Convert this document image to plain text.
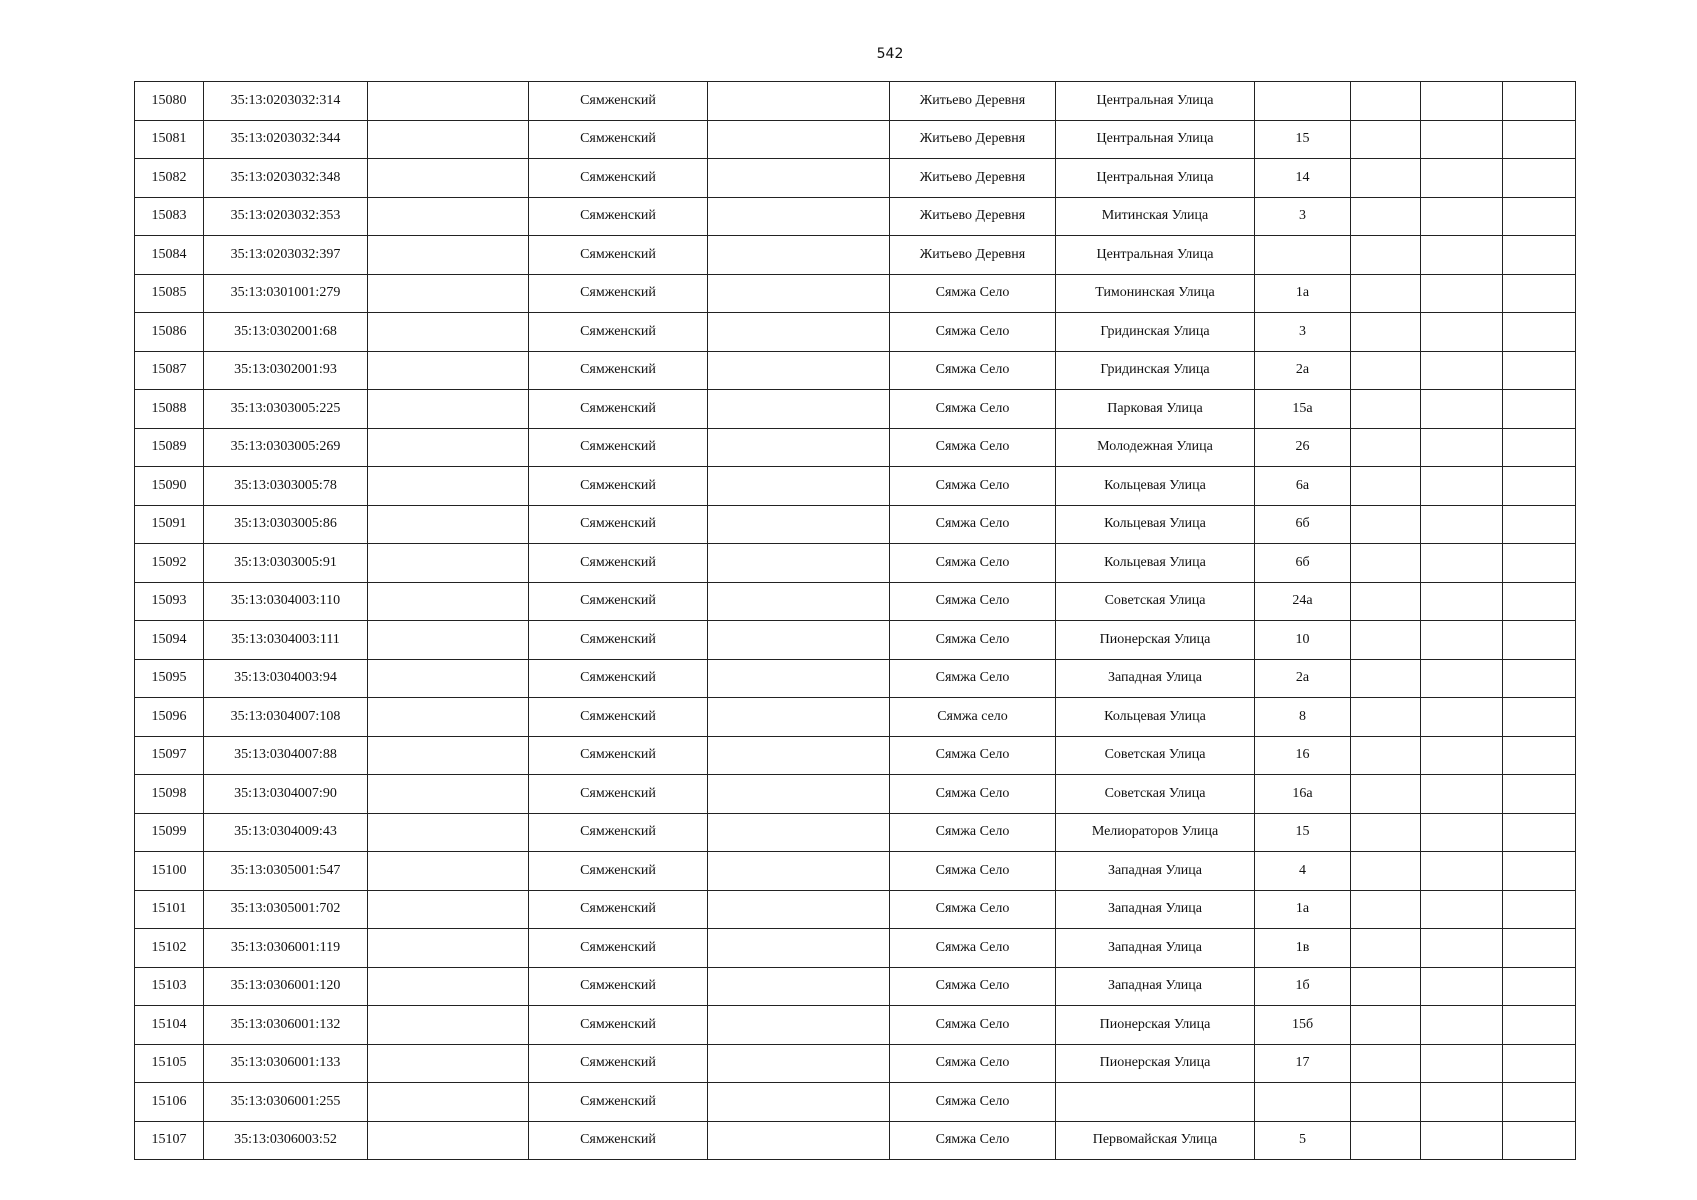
542
15080	35:13:0203032:314		Сямженский		Житьево Деревня	Центральная Улица				
15081	35:13:0203032:344		Сямженский		Житьево Деревня	Центральная Улица	15			
15082	35:13:0203032:348		Сямженский		Житьево Деревня	Центральная Улица	14			
15083	35:13:0203032:353		Сямженский		Житьево Деревня	Митинская Улица	3			
15084	35:13:0203032:397		Сямженский		Житьево Деревня	Центральная Улица				
15085	35:13:0301001:279		Сямженский		Сямжа Село	Тимонинская Улица	1а			
15086	35:13:0302001:68		Сямженский		Сямжа Село	Гридинская Улица	3			
15087	35:13:0302001:93		Сямженский		Сямжа Село	Гридинская Улица	2а			
15088	35:13:0303005:225		Сямженский		Сямжа Село	Парковая Улица	15а			
15089	35:13:0303005:269		Сямженский		Сямжа Село	Молодежная Улица	26			
15090	35:13:0303005:78		Сямженский		Сямжа Село	Кольцевая Улица	6а			
15091	35:13:0303005:86		Сямженский		Сямжа Село	Кольцевая Улица	6б			
15092	35:13:0303005:91		Сямженский		Сямжа Село	Кольцевая Улица	6б			
15093	35:13:0304003:110		Сямженский		Сямжа Село	Советская Улица	24а			
15094	35:13:0304003:111		Сямженский		Сямжа Село	Пионерская Улица	10			
15095	35:13:0304003:94		Сямженский		Сямжа Село	Западная Улица	2а			
15096	35:13:0304007:108		Сямженский		Сямжа село	Кольцевая Улица	8			
15097	35:13:0304007:88		Сямженский		Сямжа Село	Советская Улица	16			
15098	35:13:0304007:90		Сямженский		Сямжа Село	Советская Улица	16а			
15099	35:13:0304009:43		Сямженский		Сямжа Село	Мелиораторов Улица	15			
15100	35:13:0305001:547		Сямженский		Сямжа Село	Западная Улица	4			
15101	35:13:0305001:702		Сямженский		Сямжа Село	Западная Улица	1а			
15102	35:13:0306001:119		Сямженский		Сямжа Село	Западная Улица	1в			
15103	35:13:0306001:120		Сямженский		Сямжа Село	Западная Улица	1б			
15104	35:13:0306001:132		Сямженский		Сямжа Село	Пионерская Улица	15б			
15105	35:13:0306001:133		Сямженский		Сямжа Село	Пионерская Улица	17			
15106	35:13:0306001:255		Сямженский		Сямжа Село					
15107	35:13:0306003:52		Сямженский		Сямжа Село	Первомайская Улица	5			
